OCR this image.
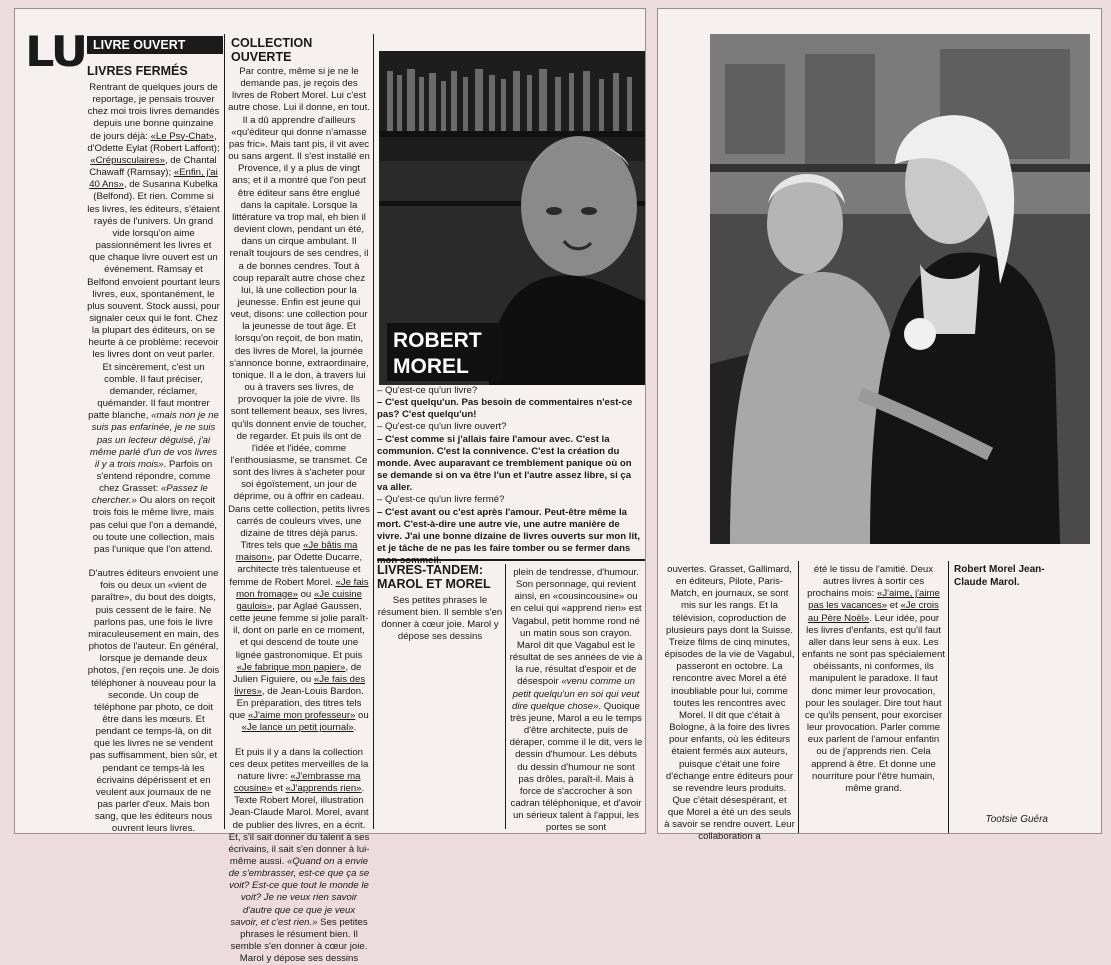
LU LIVRE OUVERT
LIVRES FERMÉS
COLLECTION OUVERTE

Rentrant de quelques jours de reportage, je pensais trouver chez moi trois livres demandés depuis une bonne quinzaine de jours déjà: «Le Psy-Chat», d'Odette Eylat (Robert Laffont); «Crépusculaires», de Chantal Chawaff (Ramsay); «Enfin, j'ai 40 Ans», de Susanna Kubelka (Belfond). Et rien. Comme si les livres, les éditeurs, s'étaient rayés de l'univers. Un grand vide lorsqu'on aime passionnément les livres et que chaque livre ouvert est un événement. Ramsay et Belfond envoient pourtant leurs livres, eux, spontanément, le plus souvent. Stock aussi, pour signaler ceux qui le font. Chez la plupart des éditeurs, on se heurte à ce problème: recevoir les livres dont on veut parler. Et sincèrement, c'est un comble. Il faut préciser, demander, réclamer, quémander. Il faut montrer patte blanche, «mais non je ne suis pas enfarinée, je ne suis pas un lecteur déguisé, j'ai même parlé d'un de vos livres il y a trois mois». Parfois on s'entend répondre, comme chez Grasset: «Passez le chercher.» Ou alors on reçoit trois fois le même livre, mais pas celui que l'on a demandé, ou toute une collection, mais pas l'unique que l'on attend.

D'autres éditeurs envoient une fois ou deux un «vient de paraître», du bout des doigts, puis cessent de le faire. Ne parlons pas, une fois le livre miraculeusement en main, des photos de l'auteur. En général, lorsque je demande deux photos, j'en reçois une. Je dois téléphoner à nouveau pour la seconde. Un coup de téléphone par photo, ce doit être dans les mœurs. Et pendant ce temps-là, on dit que les livres ne se vendent pas suffisamment, bien sûr, et pendant ce temps-là les écrivains dépérissent et en veulent aux journaux de ne pas parler d'eux. Mais bon sang, que les éditeurs nous ouvrent leurs livres.

Par contre, même si je ne le demande pas, je reçois des livres de Robert Morel. Lui c'est autre chose. Lui il donne, en tout. Il a dû apprendre d'ailleurs «qu'éditeur qui donne n'amasse pas fric». Mais tant pis, il vit avec ou sans argent. Il s'est installé en Provence, il y a plus de vingt ans; et il a montré que l'on peut être éditeur sans être englué dans la capitale. Lorsque la littérature va trop mal, eh bien il devient clown, pendant un été, dans un cirque ambulant. Il renaît toujours de ses cendres, il a de bonnes cendres. Tout à coup reparaît autre chose chez lui, là une collection pour la jeunesse. Enfin est jeune qui veut, disons: une collection pour la jeunesse de tout âge. Et lorsqu'on reçoit, de bon matin, des livres de Morel, la journée s'annonce bonne, extraordinaire, tonique. Il a le don, à travers lui ou à travers ses livres, de provoquer la joie de vivre. Ils sont tellement beaux, ses livres, qu'ils donnent envie de toucher, de regarder. Et puis ils ont de l'idée et l'idée, comme l'enthousiasme, se transmet. Ce sont des livres à s'acheter pour soi égoïstement, un jour de déprime, ou à offrir en cadeau. Dans cette collection, petits livres carrés de couleurs vives, une dizaine de titres déjà parus. Titres tels que «Je bâtis ma maison», par Odette Ducarre, architecte très talentueuse et femme de Robert Morel. «Je fais mon fromage» ou «Je cuisine gaulois», par Aglaé Gaussen, cette jeune femme si jolie paraît-il, dont on parle en ce moment, et qui descend de toute une lignée gastronomique. Et puis «Je fabrique mon papier», de Julien Figuiere, ou «Je fais des livres», de Jean-Louis Bardon. En préparation, des titres tels que «J'aime mon professeur» ou «Je lance un petit journal».

Et puis il y a dans la collection ces deux petites merveilles de la nature livre: «J'embrasse ma cousine» et «J'apprends rien». Texte Robert Morel, illustration Jean-Claude Marol. Morel, avant de publier des livres, en a écrit. Et, s'il sait donner du talent à ses écrivains, il sait s'en donner à lui-même aussi. «Quand on a envie de s'embrasser, est-ce que ça se voit? Est-ce que tout le monde le voit? Je ne veux rien savoir d'autre que ce que je veux savoir, et c'est rien.» Ses petites phrases le résument bien. Il semble s'en donner à cœur joie. Marol y dépose ses dessins

ROBERT
MOREL

– Qu'est-ce qu'un livre?

– C'est quelqu'un. Pas besoin de commentaires n'est-ce pas? C'est quelqu'un!

– Qu'est-ce qu'un livre ouvert?

– C'est comme si j'allais faire l'amour avec. C'est la communion. C'est la connivence. C'est la création du monde. Avec auparavant ce tremblement panique où on se demande si on va être l'un et l'autre assez libre, si ça va aller.

– Qu'est-ce qu'un livre fermé?

– C'est avant ou c'est après l'amour. Peut-être même la mort. C'est-à-dire une autre vie, une autre manière de vivre. J'ai une bonne dizaine de livres ouverts sur mon lit, et je tâche de ne pas les faire tomber ou se fermer dans

LIVRES-TANDEM: MAROL ET MOREL

Ses petites phrases le résument bien. Il semble s'en donner à cœur joie. Marol y dépose ses dessins

plein de tendresse, d'humour. Son personnage, qui revient ainsi, en «cousincousine» ou en celui qui «apprend rien» est Vagabul, petit homme rond né un matin sous son crayon. Marol dit que Vagabul est le résultat de ses années de vie à la rue, résultat d'espoir et de désespoir «venu comme un petit quelqu'un en soi qui veut dire quelque chose». Quoique très jeune, Marol a eu le temps d'être architecte, puis de déraper, comme il le dit, vers le dessin d'humour. Les débuts du dessin d'humour ne sont pas drôles, paraît-il. Mais à force de s'accrocher à son cadran téléphonique, et d'avoir un sérieux talent à l'appui, les portes se sont

ouvertes. Grasset, Gallimard, en éditeurs, Pilote, Paris-Match, en journaux, se sont mis sur les rangs. Et la télévision, coproduction de plusieurs pays dont la Suisse. Treize films de cinq minutes, épisodes de la vie de Vagabul, passeront en octobre. La rencontre avec Morel a été inoubliable pour lui, comme toutes les rencontres avec Morel. Il dit que c'était à Bologne, à la foire des livres pour enfants, où les éditeurs étaient fermés aux auteurs, puisque c'était une foire d'échange entre éditeurs pour se revendre leurs produits. Que c'était désespérant, et que Morel a été un des seuls à savoir se rendre ouvert. Leur collaboration a

été le tissu de l'amitié. Deux autres livres à sortir ces prochains mois: «J'aime, j'aime pas les vacances» et «Je crois au Père Noël». Leur idée, pour les livres d'enfants, est qu'il faut aller dans leur sens à eux. Les enfants ne sont pas spécialement obéissants, ni conformes, ils manipulent le paradoxe. Il faut donc mimer leur provocation, pour les soulager. Dire tout haut ce qu'ils pensent, pour exorciser leur provocation. Parler comme eux parlent de l'amour enfantin ou de j'apprends rien. Cela apprend à être. Et donne une nourriture pour l'être humain, même grand.

Robert Morel Jean-Claude Marol.
Tootsie Guéra
